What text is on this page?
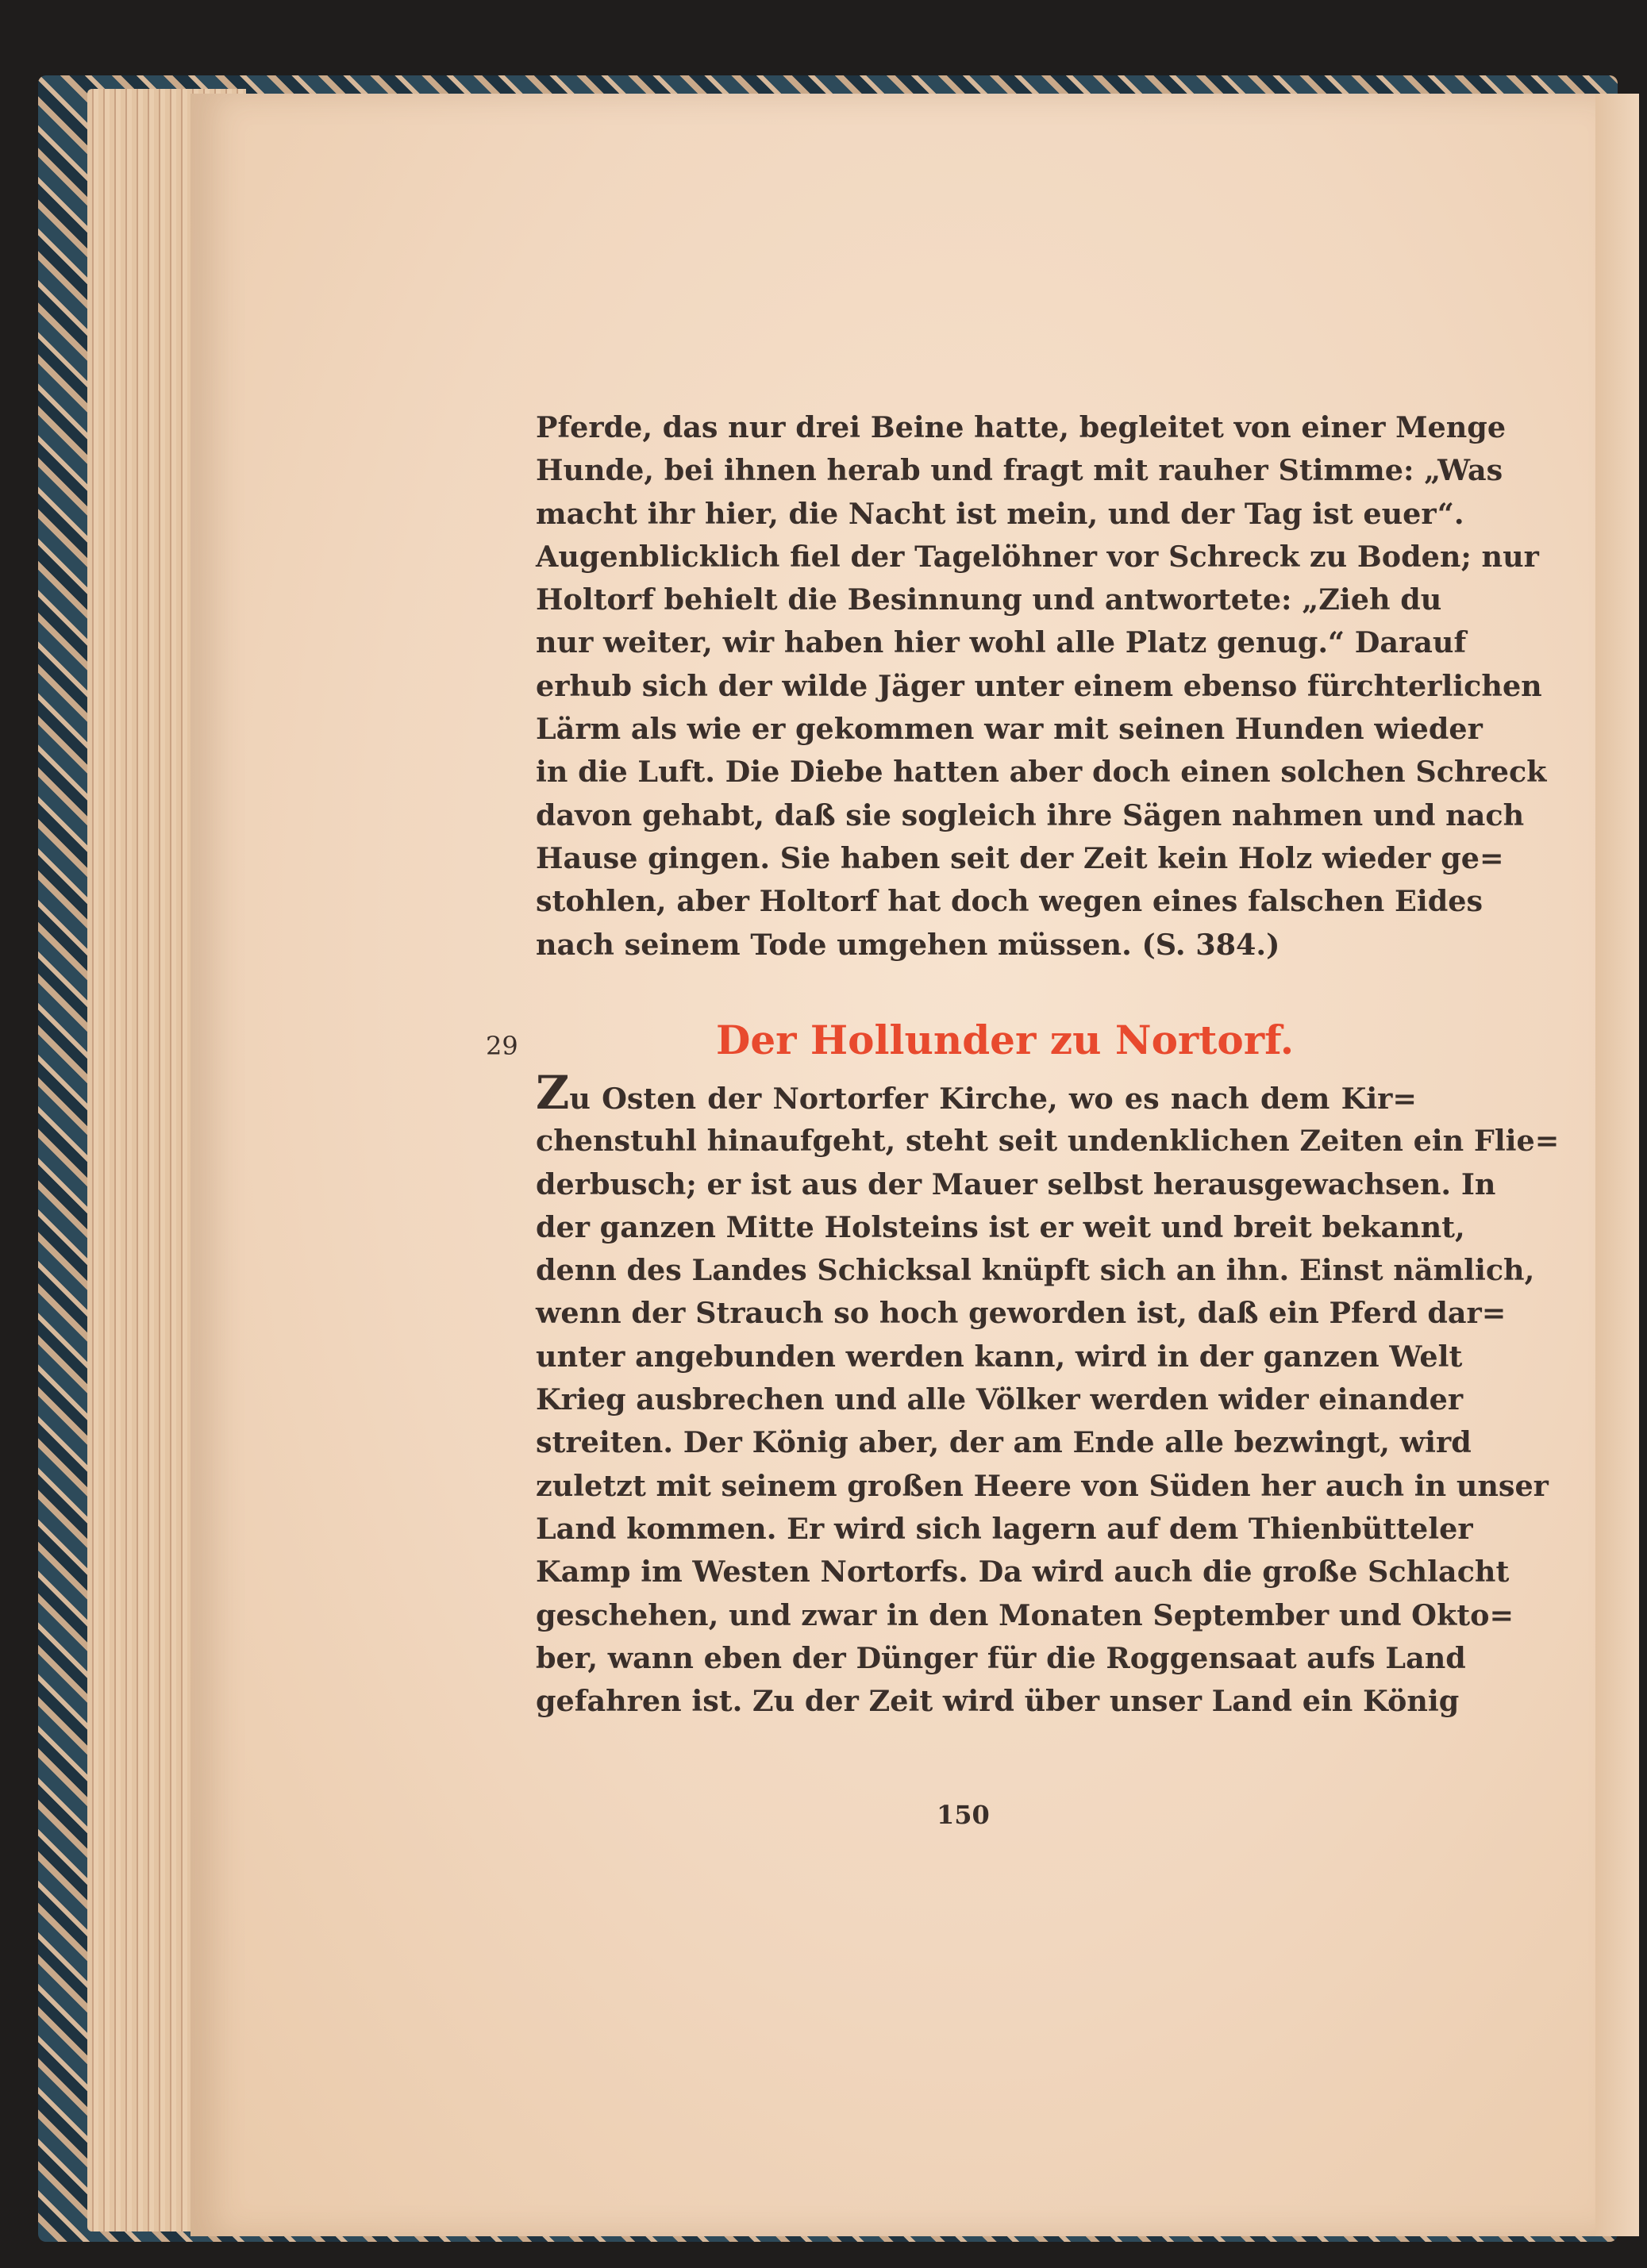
Pferde, das nur drei Beine hatte, begleitet von einer Menge
Hunde, bei ihnen herab und fragt mit rauher Stimme: „Was
macht ihr hier, die Nacht ist mein, und der Tag ist euer“.
Augenblicklich fiel der Tagelöhner vor Schreck zu Boden; nur
Holtorf behielt die Besinnung und antwortete: „Zieh du
nur weiter, wir haben hier wohl alle Platz genug.“ Darauf
erhub sich der wilde Jäger unter einem ebenso fürchterlichen
Lärm als wie er gekommen war mit seinen Hunden wieder
in die Luft. Die Diebe hatten aber doch einen solchen Schreck
davon gehabt, daß sie sogleich ihre Sägen nahmen und nach
Hause gingen. Sie haben seit der Zeit kein Holz wieder ge=
stohlen, aber Holtorf hat doch wegen eines falschen Eides
nach seinem Tode umgehen müssen. (S. 384.)
29	Der Hollunder zu Nortorf.
Zu Osten der Nortorfer Kirche, wo es nach dem Kir=
chenstuhl hinaufgeht, steht seit undenklichen Zeiten ein Flie=
derbusch; er ist aus der Mauer selbst herausgewachsen. In
der ganzen Mitte Holsteins ist er weit und breit bekannt,
denn des Landes Schicksal knüpft sich an ihn. Einst nämlich,
wenn der Strauch so hoch geworden ist, daß ein Pferd dar=
unter angebunden werden kann, wird in der ganzen Welt
Krieg ausbrechen und alle Völker werden wider einander
streiten. Der König aber, der am Ende alle bezwingt, wird
zuletzt mit seinem großen Heere von Süden her auch in unser
Land kommen. Er wird sich lagern auf dem Thienbütteler
Kamp im Westen Nortorfs. Da wird auch die große Schlacht
geschehen, und zwar in den Monaten September und Okto=
ber, wann eben der Dünger für die Roggensaat aufs Land
gefahren ist. Zu der Zeit wird über unser Land ein König
150
